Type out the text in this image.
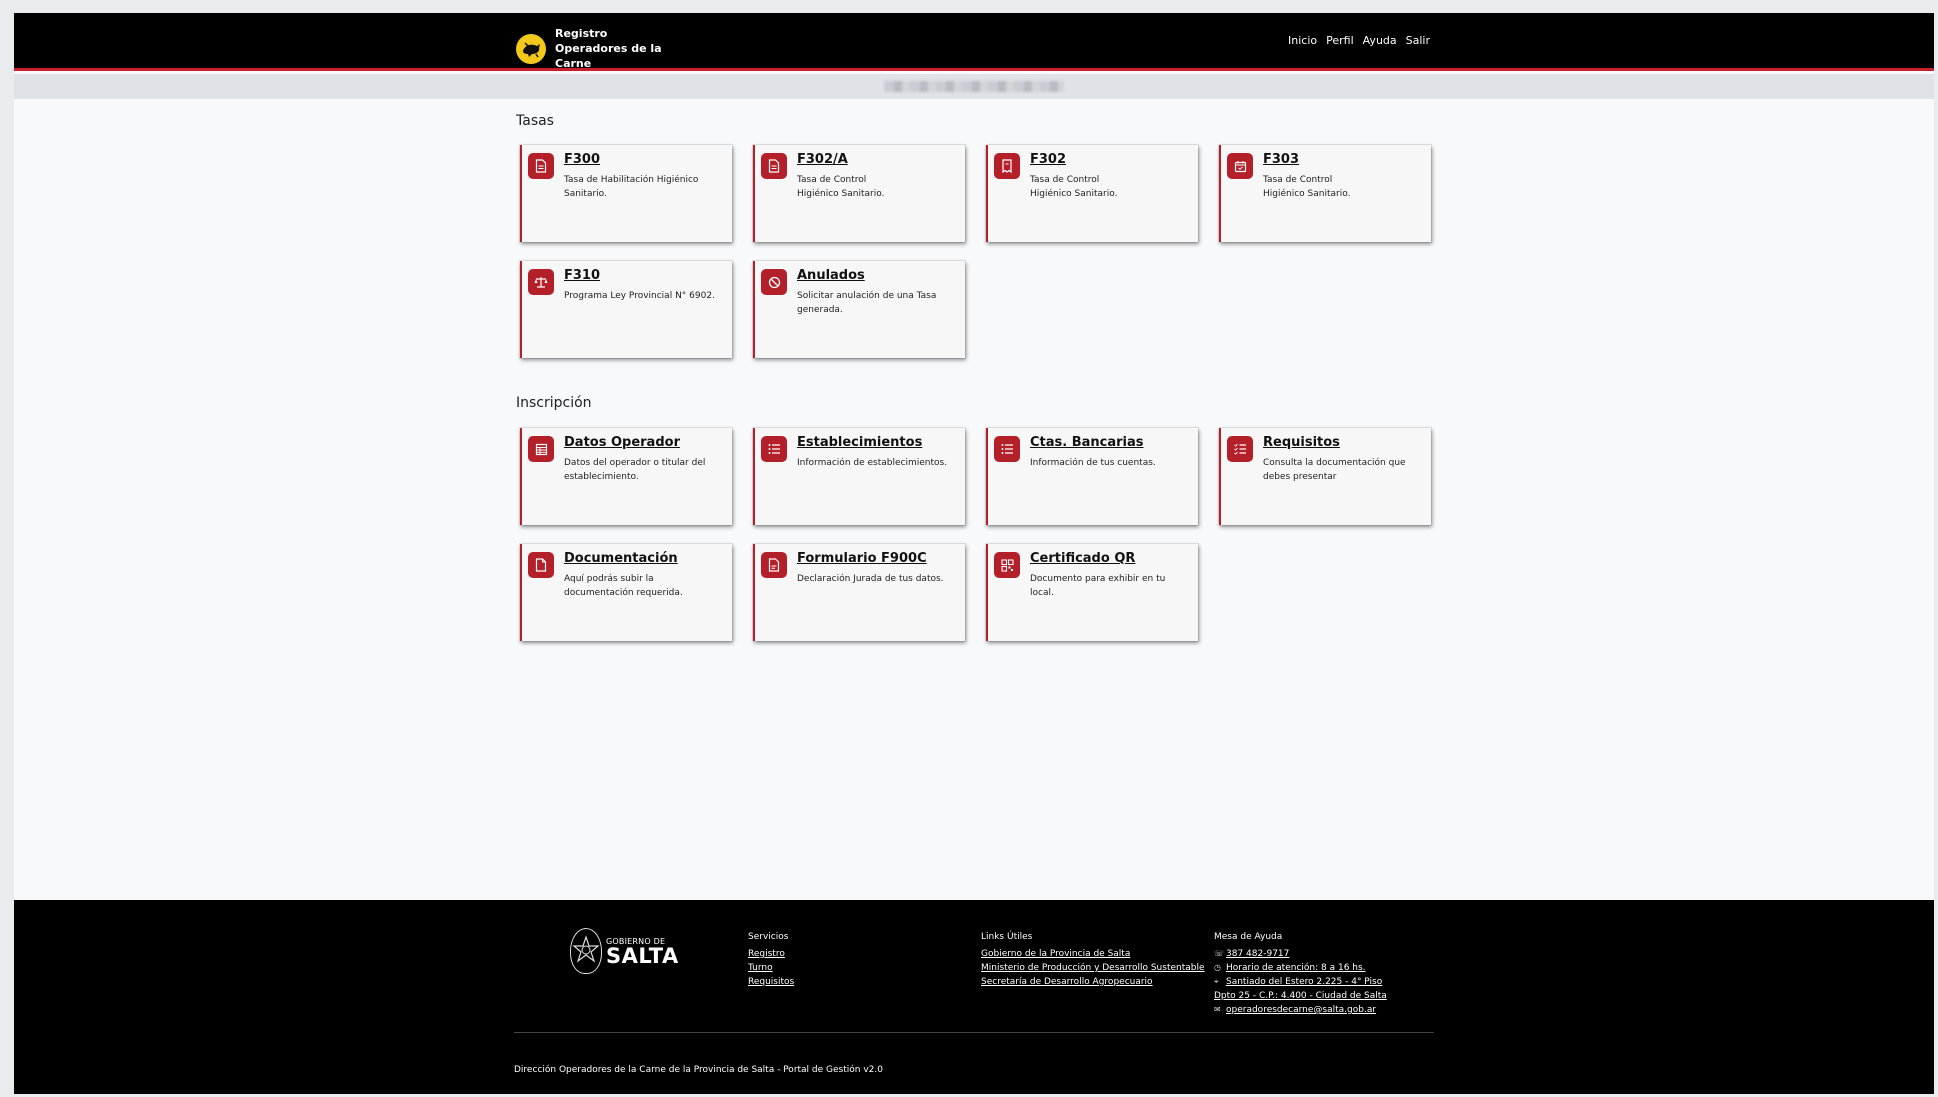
Registro Operadores de la Carne
Inicio Perfil Ayuda Salir
Tasas
F300
Tasa de Habilitación Higiénico Sanitario.
F302/A
Tasa de Control Higiénico Sanitario.
F302
Tasa de Control Higiénico Sanitario.
F303
Tasa de Control Higiénico Sanitario.
F310
Programa Ley Provincial N° 6902.
Anulados
Solicitar anulación de una Tasa generada.
Inscripción
Datos Operador
Datos del operador o titular del establecimiento.
Establecimientos
Información de establecimientos.
Ctas. Bancarias
Información de tus cuentas.
Requisitos
Consulta la documentación que debes presentar
Documentación
Aquí podrás subir la documentación requerida.
Formulario F900C
Declaración Jurada de tus datos.
Certificado QR
Documento para exhibir en tu local.
GOBIERNO DE
SALTA
Servicios
Registro
Turno
Requisitos
Links Útiles
Gobierno de la Provincia de Salta
Ministerio de Producción y Desarrollo Sustentable
Secretaría de Desarrollo Agropecuario
Mesa de Ayuda
☏ 387 482-9717
◷ Horario de atención: 8 a 16 hs.
⌖ Santiado del Estero 2.225 - 4° Piso
Dpto 25 - C.P.: 4.400 - Ciudad de Salta
✉ operadoresdecarne@salta.gob.ar
Dirección Operadores de la Carne de la Provincia de Salta - Portal de Gestión v2.0
